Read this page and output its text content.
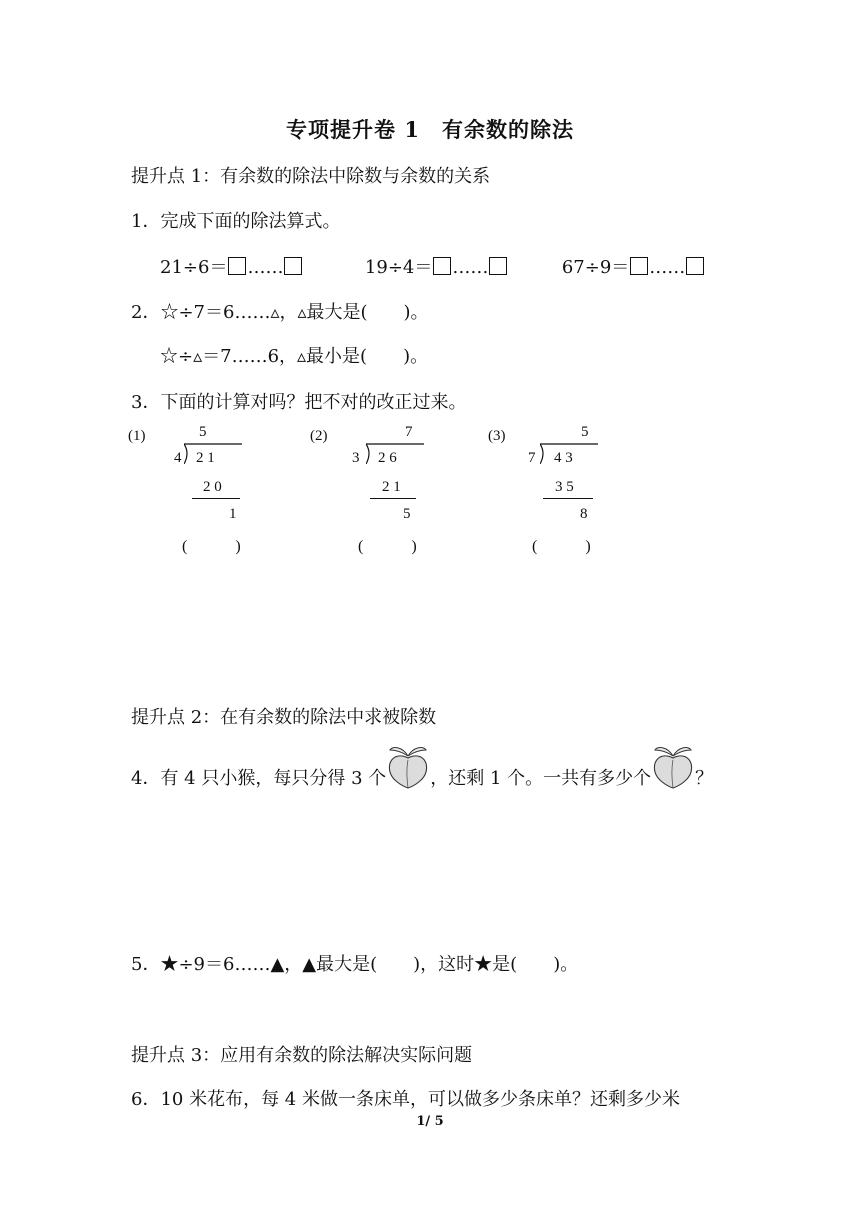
专项提升卷 1　有余数的除法
提升点 1：有余数的除法中除数与余数的关系
1．完成下面的除法算式。
21÷6＝ ……	19÷4＝ ……	67÷9＝ ……
2．☆÷7＝6……▵，▵最大是(　　)。
☆÷▵＝7……6，▵最小是(　　)。
3．下面的计算对吗？把不对的改正过来。
(1)	5
4 2 1
2 0
1
(　　　)
(2)	7
3 2 6
2 1
5
(　　　)
(3)	5
7 4 3
3 5
8
(　　　)
提升点 2：在有余数的除法中求被除数
4．有 4 只小猴，每只分得 3 个 ，还剩 1 个。一共有多少个 ？
5．★÷9＝6……▲，▲最大是(　　)，这时★是(　　)。
提升点 3：应用有余数的除法解决实际问题
6．10 米花布，每 4 米做一条床单，可以做多少条床单？还剩多少米
1/ 5
